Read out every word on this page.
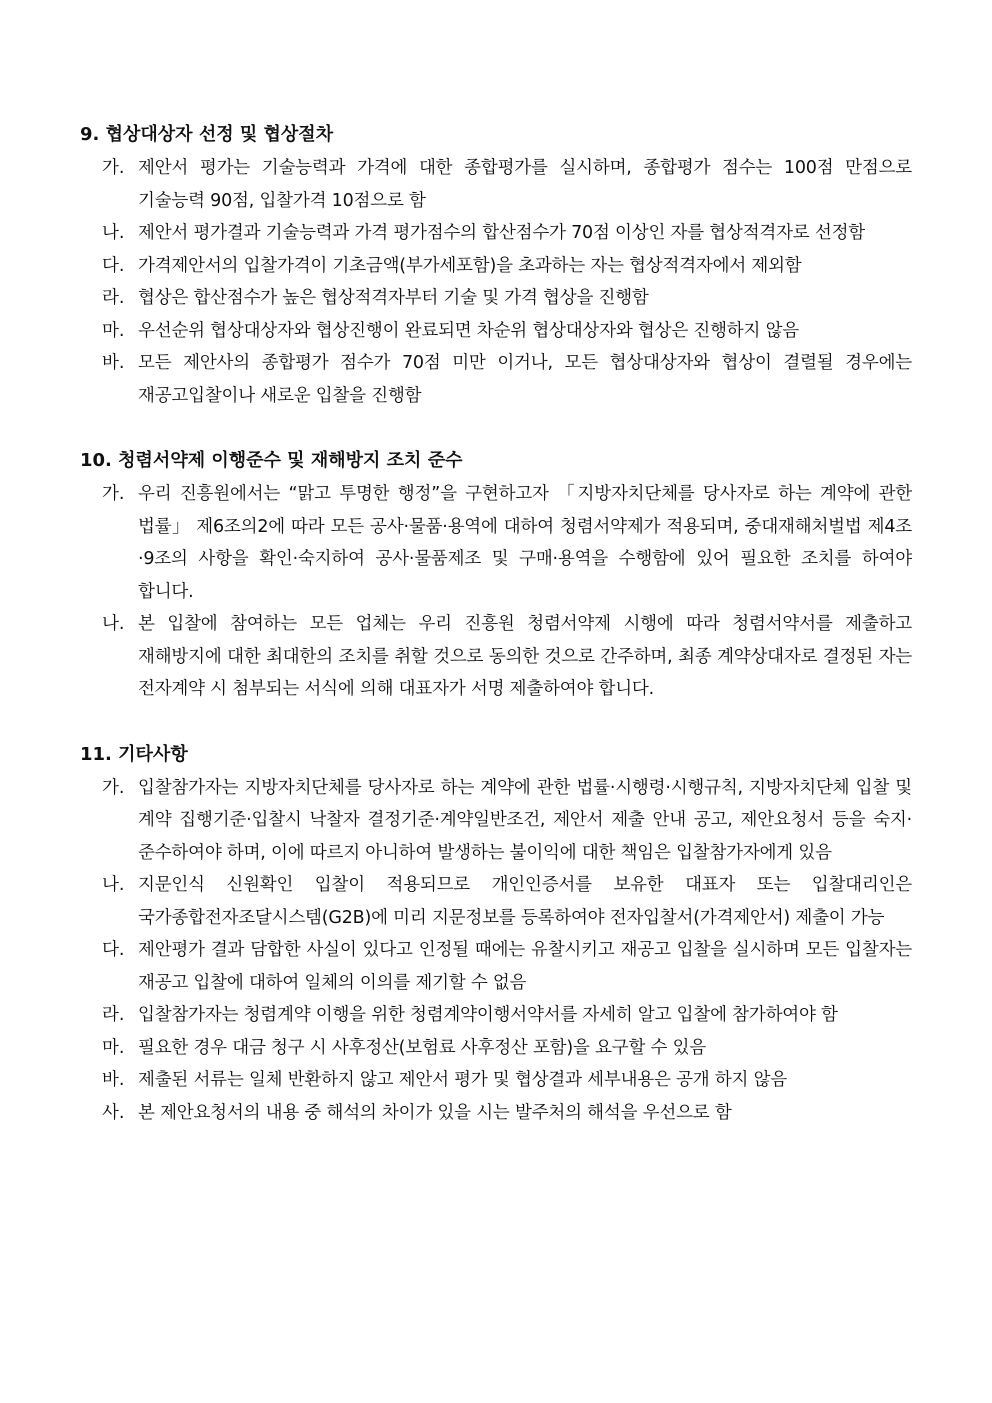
9. 협상대상자 선정 및 협상절차
가. 제안서 평가는 기술능력과 가격에 대한 종합평가를 실시하며, 종합평가 점수는 100점 만점으로 기술능력 90점, 입찰가격 10점으로 함
나. 제안서 평가결과 기술능력과 가격 평가점수의 합산점수가 70점 이상인 자를 협상적격자로 선정함
다. 가격제안서의 입찰가격이 기초금액(부가세포함)을 초과하는 자는 협상적격자에서 제외함
라. 협상은 합산점수가 높은 협상적격자부터 기술 및 가격 협상을 진행함
마. 우선순위 협상대상자와 협상진행이 완료되면 차순위 협상대상자와 협상은 진행하지 않음
바. 모든 제안사의 종합평가 점수가 70점 미만 이거나, 모든 협상대상자와 협상이 결렬될 경우에는 재공고입찰이나 새로운 입찰을 진행함
10. 청렴서약제 이행준수 및 재해방지 조치 준수
가. 우리 진흥원에서는 “맑고 투명한 행정”을 구현하고자 「지방자치단체를 당사자로 하는 계약에 관한 법률」 제6조의2에 따라 모든 공사·물품·용역에 대하여 청렴서약제가 적용되며, 중대재해처벌법 제4조·9조의 사항을 확인·숙지하여 공사·물품제조 및 구매·용역을 수행함에 있어 필요한 조치를 하여야 합니다.
나. 본 입찰에 참여하는 모든 업체는 우리 진흥원 청렴서약제 시행에 따라 청렴서약서를 제출하고 재해방지에 대한 최대한의 조치를 취할 것으로 동의한 것으로 간주하며, 최종 계약상대자로 결정된 자는 전자계약 시 첨부되는 서식에 의해 대표자가 서명 제출하여야 합니다.
11. 기타사항
가. 입찰참가자는 지방자치단체를 당사자로 하는 계약에 관한 법률·시행령·시행규칙, 지방자치단체 입찰 및 계약 집행기준·입찰시 낙찰자 결정기준·계약일반조건, 제안서 제출 안내 공고, 제안요청서 등을 숙지·준수하여야 하며, 이에 따르지 아니하여 발생하는 불이익에 대한 책임은 입찰참가자에게 있음
나. 지문인식 신원확인 입찰이 적용되므로 개인인증서를 보유한 대표자 또는 입찰대리인은 국가종합전자조달시스템(G2B)에 미리 지문정보를 등록하여야 전자입찰서(가격제안서) 제출이 가능
다. 제안평가 결과 담합한 사실이 있다고 인정될 때에는 유찰시키고 재공고 입찰을 실시하며 모든 입찰자는 재공고 입찰에 대하여 일체의 이의를 제기할 수 없음
라. 입찰참가자는 청렴계약 이행을 위한 청렴계약이행서약서를 자세히 알고 입찰에 참가하여야 함
마. 필요한 경우 대금 청구 시 사후정산(보험료 사후정산 포함)을 요구할 수 있음
바. 제출된 서류는 일체 반환하지 않고 제안서 평가 및 협상결과 세부내용은 공개 하지 않음
사. 본 제안요청서의 내용 중 해석의 차이가 있을 시는 발주처의 해석을 우선으로 함
